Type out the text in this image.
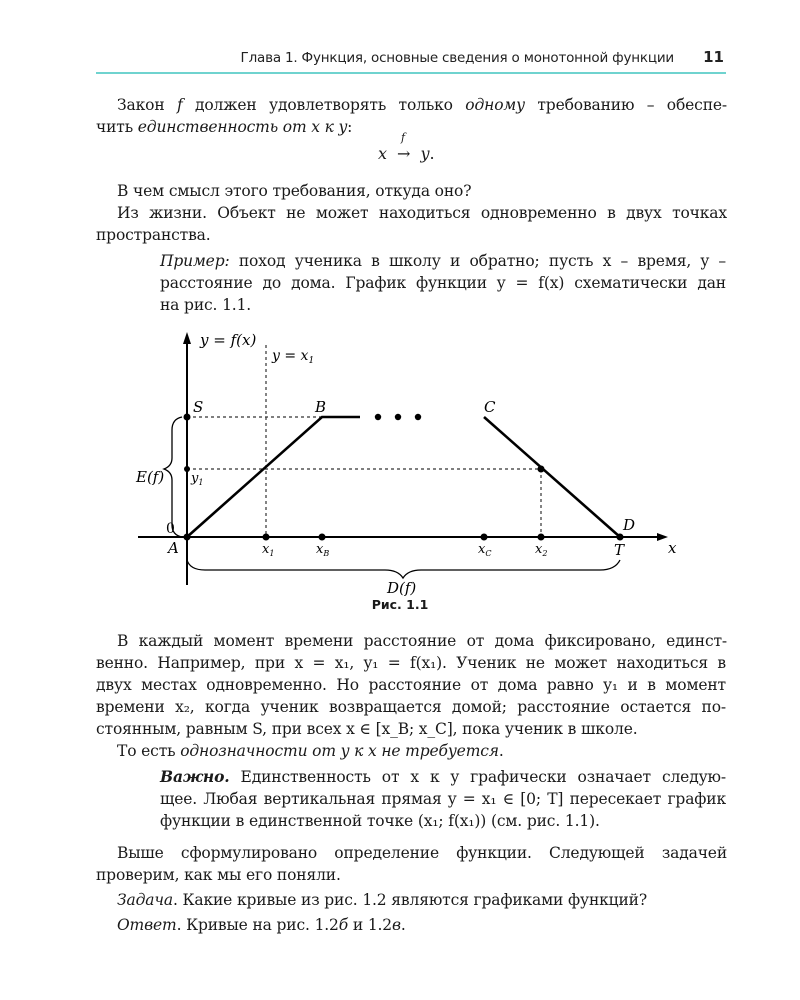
Глава 1. Функция, основные сведения о монотонной функции 11
Закон f должен удовлетворять только одному требованию – обеспе-
чить единственность от x к y:
x
f
→ y.
В чем смысл этого требования, откуда оно?
Из жизни. Объект не может находиться одновременно в двух точках
пространства.
Пример: поход ученика в школу и обратно; пусть x – время, y –
расстояние до дома. График функции y = f(x) схематически дан
на рис. 1.1.
y = f(x)
$y = x_1$
S	B	C
$y_1$
E(f)
0
A	$x_1$	$x_B$	$x_C$	$x_2$
D
T	x
D(f)
Рис. 1.1
В каждый момент времени расстояние от дома фиксировано, единст-
венно. Например, при x = x₁, y₁ = f(x₁). Ученик не может находиться в
двух местах одновременно. Но расстояние от дома равно y₁ и в момент
времени x₂, когда ученик возвращается домой; расстояние остается по-
стоянным, равным S, при всех x ∈ [x_B; x_C], пока ученик в школе.
То есть однозначности от y к x не требуется.
Важно. Единственность от x к y графически означает следую-
щее. Любая вертикальная прямая y = x₁ ∈ [0; T] пересекает график
функции в единственной точке (x₁; f(x₁)) (см. рис. 1.1).
Выше сформулировано определение функции. Следующей задачей
проверим, как мы его поняли.
Задача. Какие кривые из рис. 1.2 являются графиками функций?
Ответ. Кривые на рис. 1.2б и 1.2в.
